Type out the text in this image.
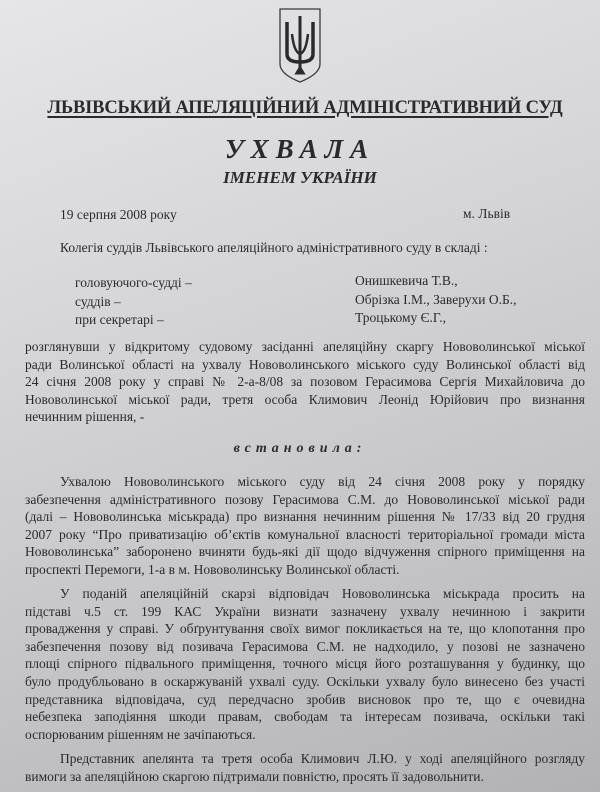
ЛЬВІВСЬКИЙ АПЕЛЯЦІЙНИЙ АДМІНІСТРАТИВНИЙ СУД
УХВАЛА
ІМЕНЕМ УКРАЇНИ
19 серпня 2008 року	м. Львів
Колегія суддів Львівського апеляційного адміністративного суду в складі :
головуючого-судді –	Онишкевича Т.В.,
суддів –	Обрізка І.М., Заверухи О.Б.,
при секретарі –	Троцькому Є.Г.,
розглянувши у відкритому судовому засіданні апеляційну скаргу Нововолинської міської
ради Волинської області на ухвалу Нововолинського міського суду Волинської області від
24 січня 2008 року у справі № 2-а-8/08 за позовом Герасимова Сергія Михайловича до
Нововолинської міської ради, третя особа Климович Леонід Юрійович про визнання
нечинним рішення, -
встановила:
Ухвалою Нововолинського міського суду від 24 січня 2008 року у порядку
забезпечення адміністративного позову Герасимова С.М. до Нововолинської міської ради
(далі – Нововолинська міськрада) про визнання нечинним рішення № 17/33 від 20 грудня
2007 року “Про приватизацію об’єктів комунальної власності територіальної громади міста
Нововолинська” заборонено вчиняти будь-які дії щодо відчуження спірного приміщення на
проспекті Перемоги, 1-а в м. Нововолинську Волинської області.
У поданій апеляційній скарзі відповідач Нововолинська міськрада просить на
підставі ч.5 ст. 199 КАС України визнати зазначену ухвалу нечинною і закрити
провадження у справі. У обґрунтування своїх вимог покликається на те, що клопотання про
забезпечення позову від позивача Герасимова С.М. не надходило, у позові не зазначено
площі спірного підвального приміщення, точного місця його розташування у будинку, що
було продубльовано в оскаржуваній ухвалі суду. Оскільки ухвалу було винесено без участі
представника відповідача, суд передчасно зробив висновок про те, що є очевидна
небезпека заподіяння шкоди правам, свободам та інтересам позивача, оскільки такі
оспорюваним рішенням не зачіпаються.
Представник апелянта та третя особа Климович Л.Ю. у ході апеляційного розгляду
вимоги за апеляційною скаргою підтримали повністю, просять її задовольнити.
